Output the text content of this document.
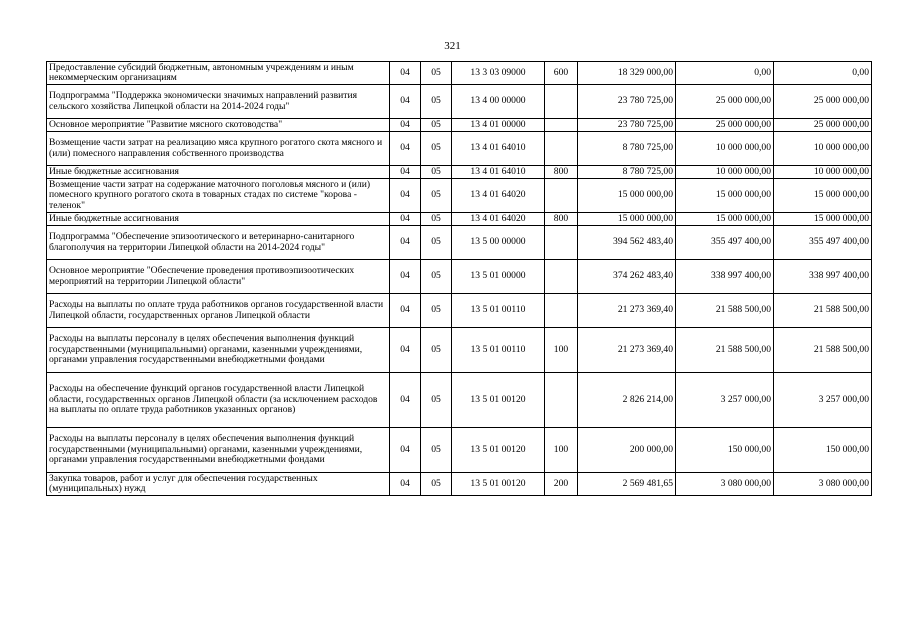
321
Предоставление субсидий бюджетным, автономным учреждениям и иным некоммерческим организациям	04	05	13 3 03 09000	600	18 329 000,00	0,00	0,00
Подпрограмма "Поддержка экономически значимых направлений развития сельского хозяйства Липецкой области на 2014-2024 годы"	04	05	13 4 00 00000		23 780 725,00	25 000 000,00	25 000 000,00
Основное мероприятие "Развитие мясного скотоводства"	04	05	13 4 01 00000		23 780 725,00	25 000 000,00	25 000 000,00
Возмещение части затрат на реализацию мяса крупного рогатого скота мясного и (или) помесного направления собственного производства	04	05	13 4 01 64010		8 780 725,00	10 000 000,00	10 000 000,00
Иные бюджетные ассигнования	04	05	13 4 01 64010	800	8 780 725,00	10 000 000,00	10 000 000,00
Возмещение части затрат на содержание маточного поголовья мясного и (или) помесного крупного рогатого скота в товарных стадах по системе "корова - теленок"	04	05	13 4 01 64020		15 000 000,00	15 000 000,00	15 000 000,00
Иные бюджетные ассигнования	04	05	13 4 01 64020	800	15 000 000,00	15 000 000,00	15 000 000,00
Подпрограмма "Обеспечение эпизоотического и ветеринарно-санитарного благополучия на территории Липецкой области на 2014-2024 годы"	04	05	13 5 00 00000		394 562 483,40	355 497 400,00	355 497 400,00
Основное мероприятие "Обеспечение проведения противоэпизоотических мероприятий на территории Липецкой области"	04	05	13 5 01 00000		374 262 483,40	338 997 400,00	338 997 400,00
Расходы на выплаты по оплате труда работников органов государственной власти Липецкой области, государственных органов Липецкой области	04	05	13 5 01 00110		21 273 369,40	21 588 500,00	21 588 500,00
Расходы на выплаты персоналу в целях обеспечения выполнения функций государственными (муниципальными) органами, казенными учреждениями, органами управления государственными внебюджетными фондами	04	05	13 5 01 00110	100	21 273 369,40	21 588 500,00	21 588 500,00
Расходы на обеспечение функций органов государственной власти Липецкой области, государственных органов Липецкой области (за исключением расходов на выплаты по оплате труда работников указанных органов)	04	05	13 5 01 00120		2 826 214,00	3 257 000,00	3 257 000,00
Расходы на выплаты персоналу в целях обеспечения выполнения функций государственными (муниципальными) органами, казенными учреждениями, органами управления государственными внебюджетными фондами	04	05	13 5 01 00120	100	200 000,00	150 000,00	150 000,00
Закупка товаров, работ и услуг для обеспечения государственных (муниципальных) нужд	04	05	13 5 01 00120	200	2 569 481,65	3 080 000,00	3 080 000,00
